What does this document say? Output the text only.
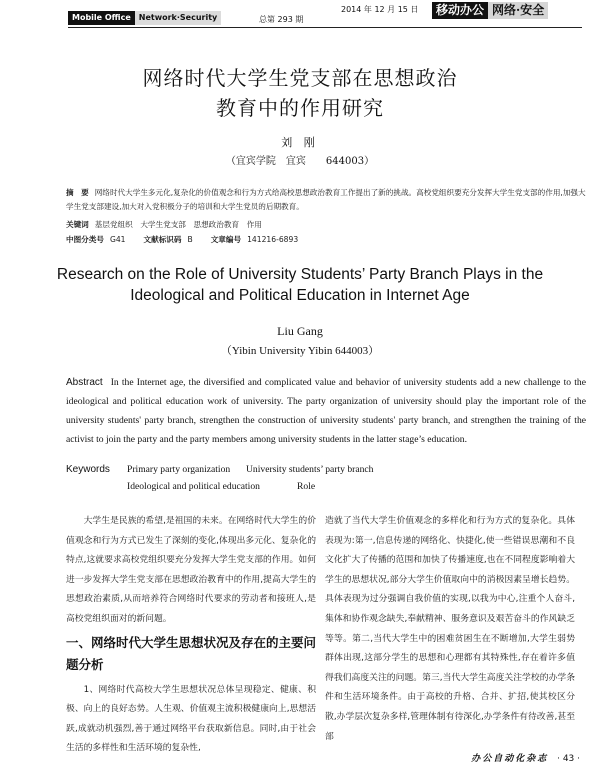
Mobile Office	Network·Security	总第 293 期
2014 年 12 月 15 日	移动办公 网络·安全
网络时代大学生党支部在思想政治
教育中的作用研究
刘 刚
（宜宾学院　宜宾　　644003）
摘　要 网络时代大学生多元化,复杂化的价值观念和行为方式给高校思想政治教育工作提出了新的挑战。高校党组织要充分发挥大学生党支部的作用,加强大学生党支部建设,加大对入党积极分子的培训和大学生党员的后期教育。
关键词 基层党组织　大学生党支部　思想政治教育　作用
中图分类号 G41 文献标识码 B 文章编号 141216-6893
Research on the Role of University Students’ Party Branch Plays in the
Ideological and Political Education in Internet Age
Liu Gang
（Yibin University Yibin 644003）
Abstract In the Internet age, the diversified and complicated value and behavior of university students add a new challenge to the ideological and political education work of university. The party organization of university should play the important role of the university students' party branch, strengthen the construction of university students' party branch, and strengthen the training of the activist to join the party and the party members among university students in the latter stage’s education.
Keywords Primary party organization University students’ party branch
Ideological and political education	Role

大学生是民族的希望,是祖国的未来。在网络时代大学生的价值观念和行为方式已发生了深刻的变化,体现出多元化、复杂化的特点,这就要求高校党组织要充分发挥大学生党支部的作用。如何进一步发挥大学生党支部在思想政治教育中的作用,提高大学生的思想政治素质,从而培养符合网络时代要求的劳动者和接班人,是高校党组织面对的新问题。

一、网络时代大学生思想状况及存在的主要问题分析

1、网络时代高校大学生思想状况总体呈现稳定、健康、积极、向上的良好态势。人生观、价值观主流积极健康向上,思想活跃,成就动机强烈,善于通过网络平台获取新信息。同时,由于社会生活的多样性和生活环境的复杂性,

造就了当代大学生价值观念的多样化和行为方式的复杂化。具体表现为:第一,信息传递的网络化、快捷化,使一些错误思潮和不良文化扩大了传播的范围和加快了传播速度,也在不同程度影响着大学生的思想状况,部分大学生价值取向中的消极因素呈增长趋势。具体表现为过分强调自我价值的实现,以我为中心,注重个人奋斗,集体和协作观念缺失,奉献精神、服务意识及艰苦奋斗的作风缺乏等等。第二,当代大学生中的困难贫困生在不断增加,大学生弱势群体出现,这部分学生的思想和心理都有其特殊性,存在着许多值得我们高度关注的问题。第三,当代大学生高度关注学校的办学条件和生活环境条件。由于高校的升格、合并、扩招,使其校区分散,办学层次复杂多样,管理体制有待深化,办学条件有待改善,甚至部

办公自动化杂志 · 43 ·
